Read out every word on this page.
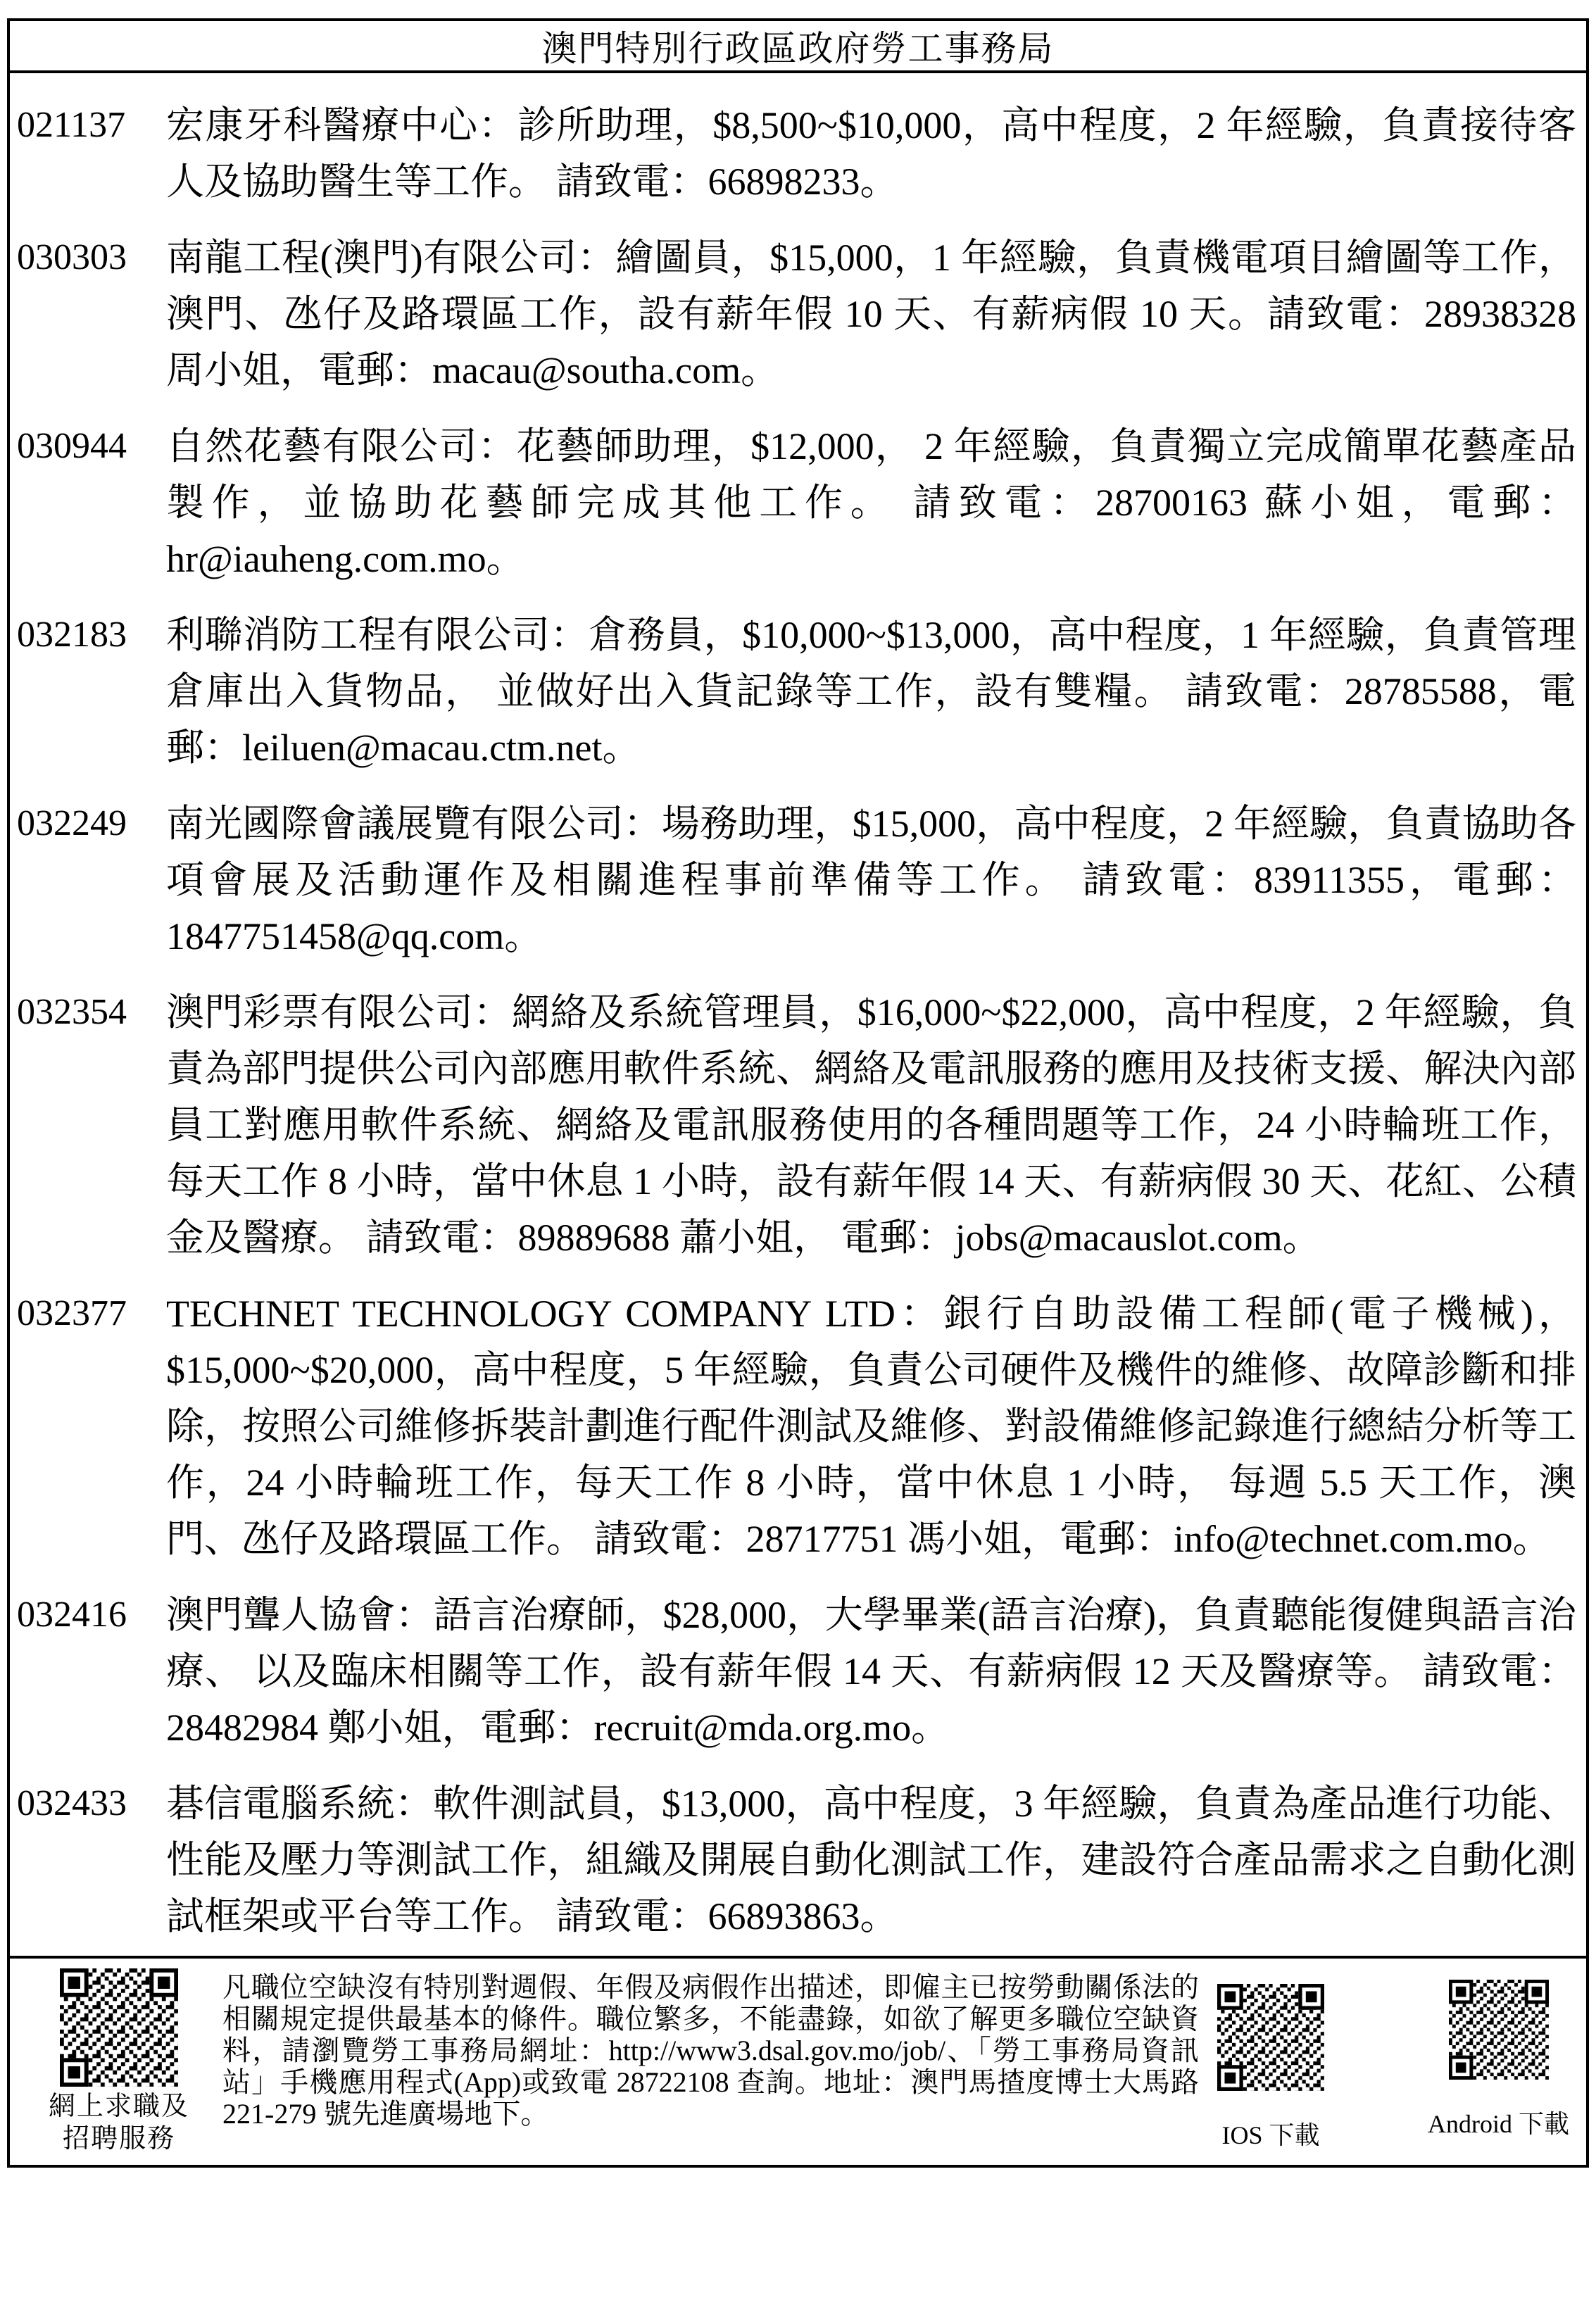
澳門特別行政區政府勞工事務局
021137	宏康牙科醫療中心：診所助理，$8,500~$10,000，高中程度，2 年經驗，負責接待客人及協助醫生等工作。 請致電：66898233。
030303	南龍工程(澳門)有限公司：繪圖員，$15,000，1 年經驗，負責機電項目繪圖等工作，澳門、氹仔及路環區工作，設有薪年假 10 天、有薪病假 10 天。請致電：28938328 周小姐，電郵：macau@southa.com。
030944	自然花藝有限公司：花藝師助理，$12,000， 2 年經驗，負責獨立完成簡單花藝產品製作，並協助花藝師完成其他工作。 請致電：28700163 蘇小姐，電郵：hr@iauheng.com.mo。
032183	利聯消防工程有限公司：倉務員，$10,000~$13,000，高中程度，1 年經驗，負責管理倉庫出入貨物品， 並做好出入貨記錄等工作，設有雙糧。 請致電：28785588，電郵：leiluen@macau.ctm.net。
032249	南光國際會議展覽有限公司：場務助理，$15,000，高中程度，2 年經驗，負責協助各項會展及活動運作及相關進程事前準備等工作。 請致電：83911355，電郵：1847751458@qq.com。
032354	澳門彩票有限公司：網絡及系統管理員，$16,000~$22,000，高中程度，2 年經驗，負責為部門提供公司內部應用軟件系統、網絡及電訊服務的應用及技術支援、解決內部員工對應用軟件系統、網絡及電訊服務使用的各種問題等工作，24 小時輪班工作，每天工作 8 小時，當中休息 1 小時，設有薪年假 14 天、有薪病假 30 天、花紅、公積金及醫療。 請致電：89889688 蕭小姐， 電郵：jobs@macauslot.com。
032377	TECHNET TECHNOLOGY COMPANY LTD：銀行自助設備工程師(電子機械)，$15,000~$20,000，高中程度，5 年經驗，負責公司硬件及機件的維修、故障診斷和排除，按照公司維修拆裝計劃進行配件測試及維修、對設備維修記錄進行總結分析等工作，24 小時輪班工作，每天工作 8 小時，當中休息 1 小時， 每週 5.5 天工作，澳門、氹仔及路環區工作。 請致電：28717751 馮小姐，電郵：info@technet.com.mo。
032416	澳門聾人協會：語言治療師，$28,000，大學畢業(語言治療)，負責聽能復健與語言治療、 以及臨床相關等工作，設有薪年假 14 天、有薪病假 12 天及醫療等。 請致電：28482984 鄭小姐，電郵：recruit@mda.org.mo。
032433	碁信電腦系統：軟件測試員，$13,000，高中程度，3 年經驗，負責為產品進行功能、性能及壓力等測試工作，組織及開展自動化測試工作，建設符合產品需求之自動化測試框架或平台等工作。 請致電：66893863。
網上求職及
招聘服務
凡職位空缺沒有特別對週假、年假及病假作出描述，即僱主已按勞動關係法的相關規定提供最基本的條件。職位繁多，不能盡錄，如欲了解更多職位空缺資料，請瀏覽勞工事務局網址：http://www3.dsal.gov.mo/job/、「勞工事務局資訊站」手機應用程式(App)或致電 28722108 查詢。地址：澳門馬揸度博士大馬路 221-279 號先進廣場地下。
IOS 下載	Android 下載
